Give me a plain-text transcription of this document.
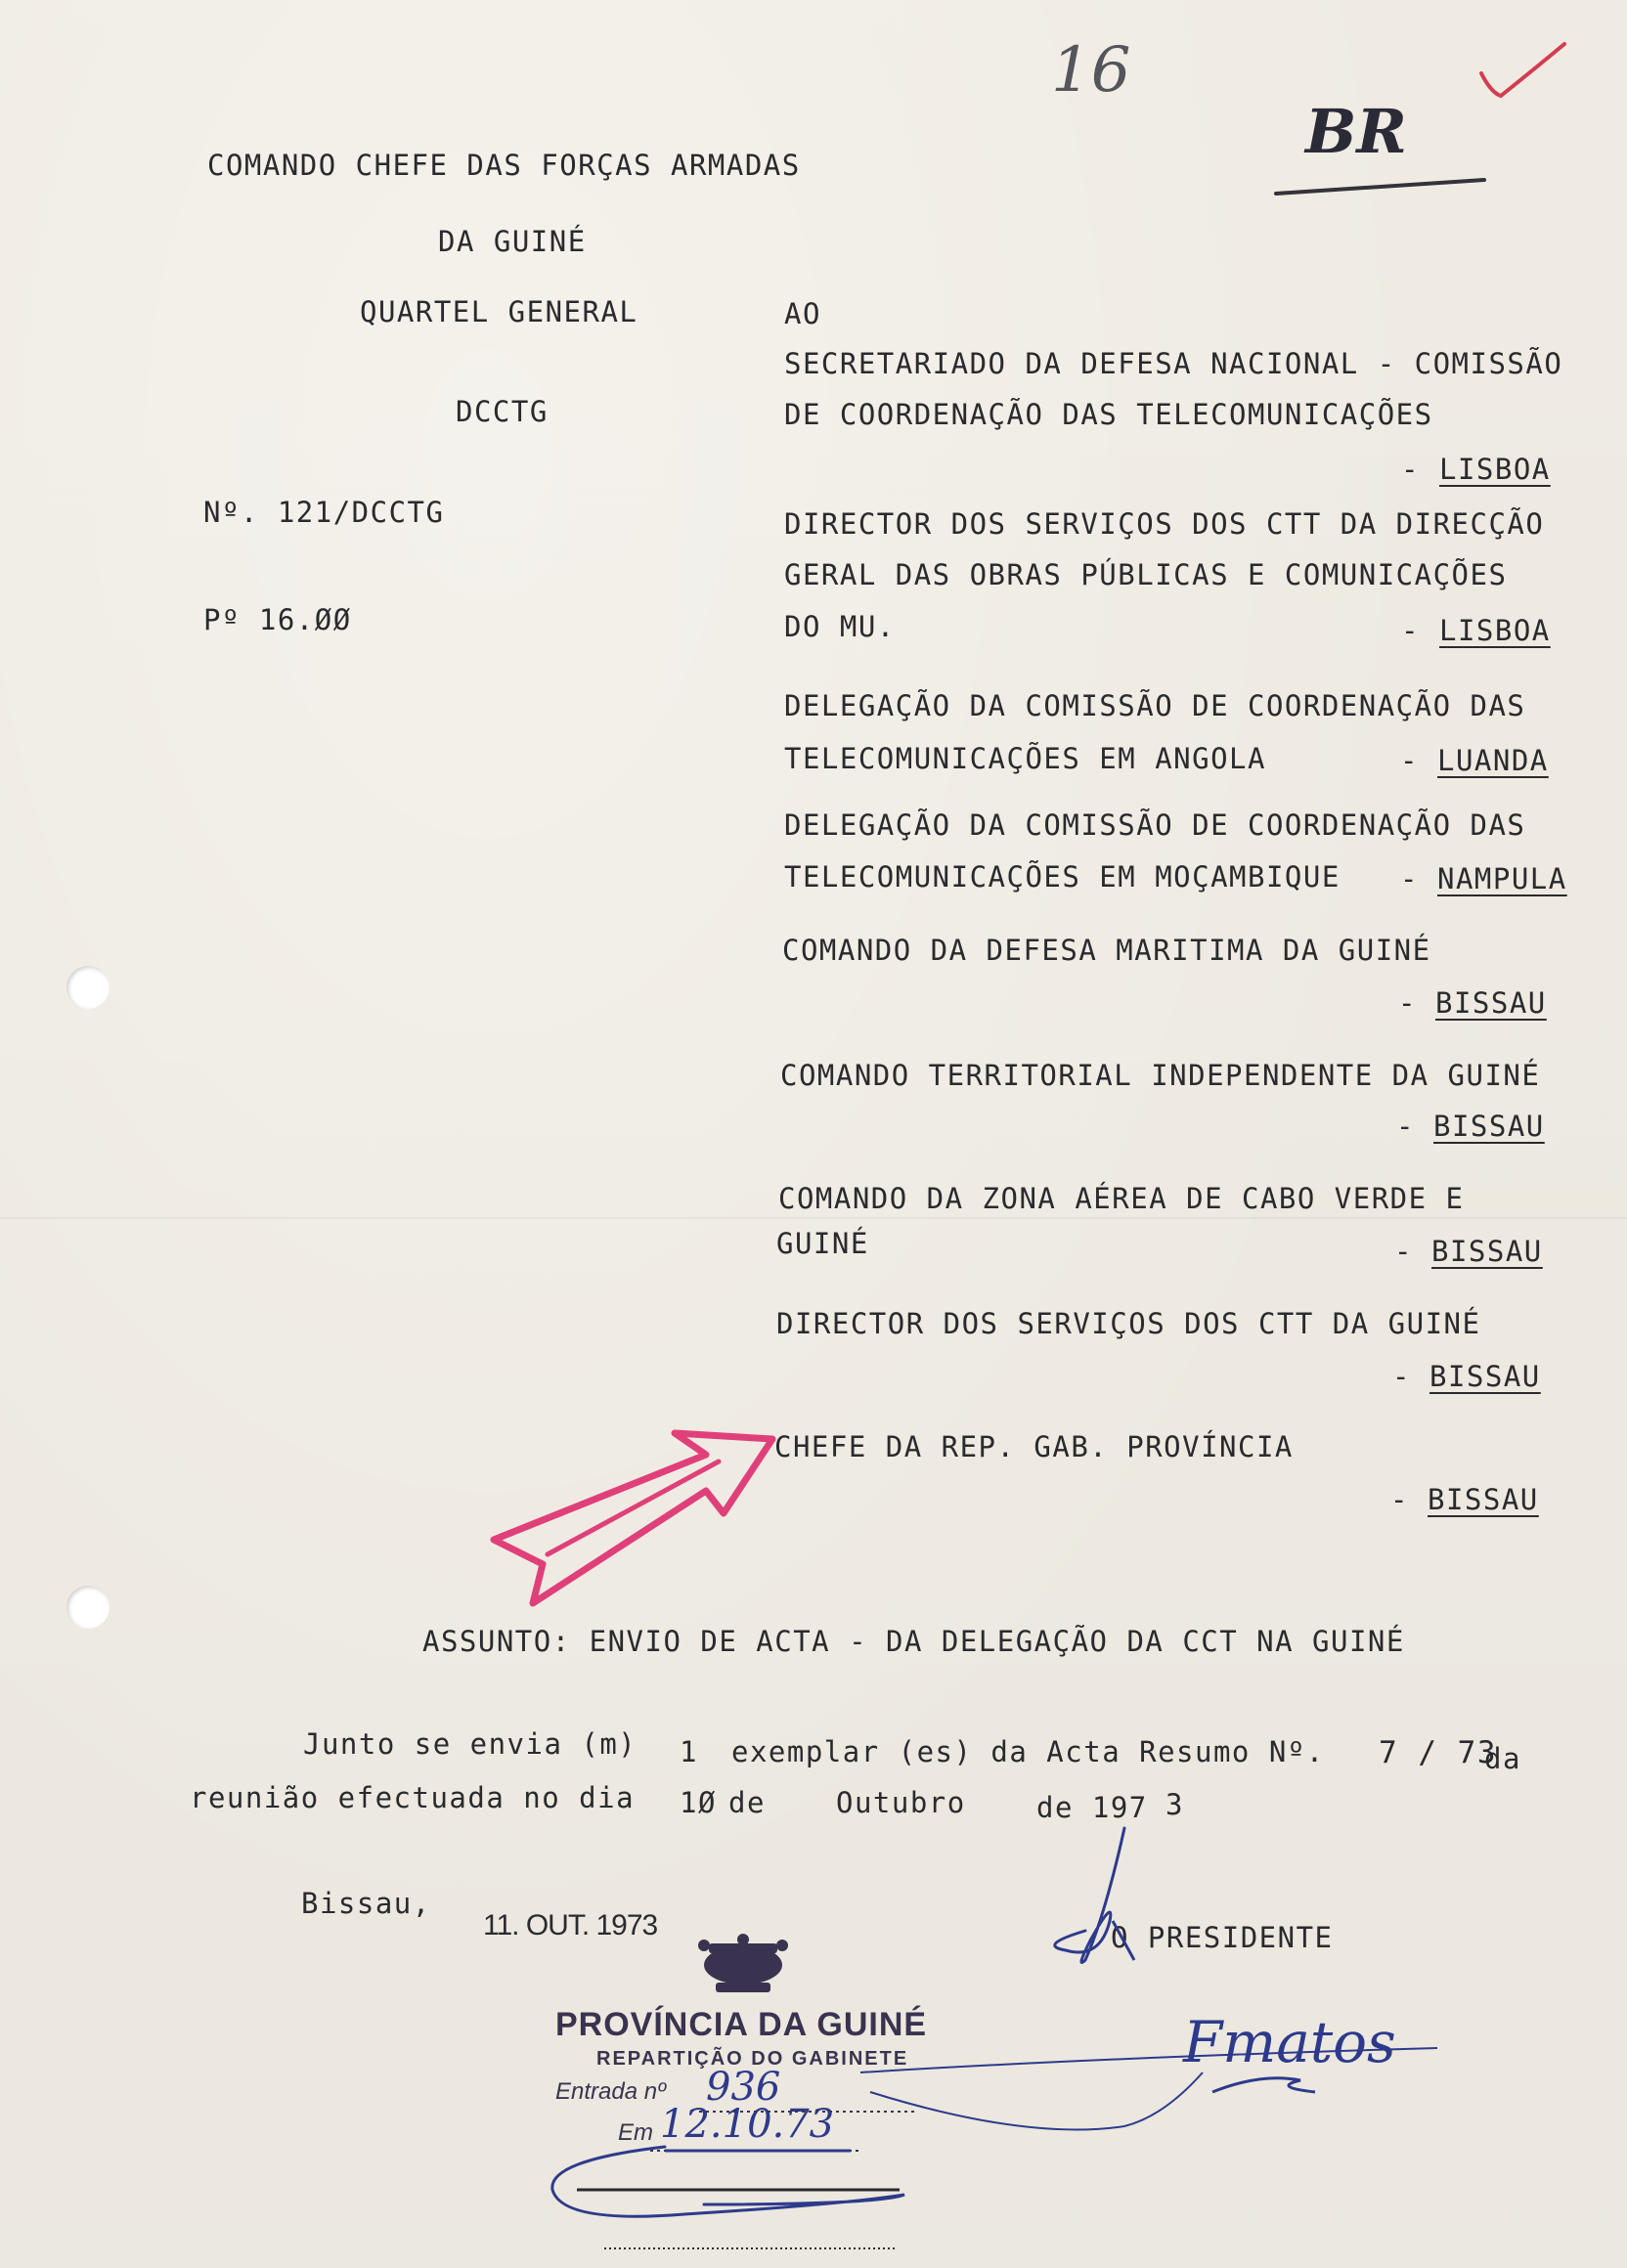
16
BR
COMANDO CHEFE DAS FORÇAS ARMADAS
DA GUINÉ
QUARTEL GENERAL
DCCTG
Nº. 121/DCCTG
Pº 16.ØØ
AO
SECRETARIADO DA DEFESA NACIONAL - COMISSÃO
DE COORDENAÇÃO DAS TELECOMUNICAÇÕES
- LISBOA
DIRECTOR DOS SERVIÇOS DOS CTT DA DIRECÇÃO
GERAL DAS OBRAS PÚBLICAS E COMUNICAÇÕES
DO MU.	- LISBOA
DELEGAÇÃO DA COMISSÃO DE COORDENAÇÃO DAS
TELECOMUNICAÇÕES EM ANGOLA	- LUANDA
DELEGAÇÃO DA COMISSÃO DE COORDENAÇÃO DAS
TELECOMUNICAÇÕES EM MOÇAMBIQUE - NAMPULA
COMANDO DA DEFESA MARITIMA DA GUINÉ
- BISSAU
COMANDO TERRITORIAL INDEPENDENTE DA GUINÉ
- BISSAU
COMANDO DA ZONA AÉREA DE CABO VERDE E
GUINÉ	- BISSAU
DIRECTOR DOS SERVIÇOS DOS CTT DA GUINÉ
- BISSAU
CHEFE DA REP. GAB. PROVÍNCIA
- BISSAU
ASSUNTO: ENVIO DE ACTA - DA DELEGAÇÃO DA CCT NA GUINÉ
Junto se envia (m) 1 exemplar (es) da Acta Resumo Nº. 7 / 73
da
reunião efectuada no dia 1Ø de Outubro de 197 3
Bissau,
11. OUT. 1973	O PRESIDENTE
PROVÍNCIA DA GUINÉ
REPARTIÇÃO DO GABINETE
Entrada nº 936
Em 12.10.73
Fmatos
